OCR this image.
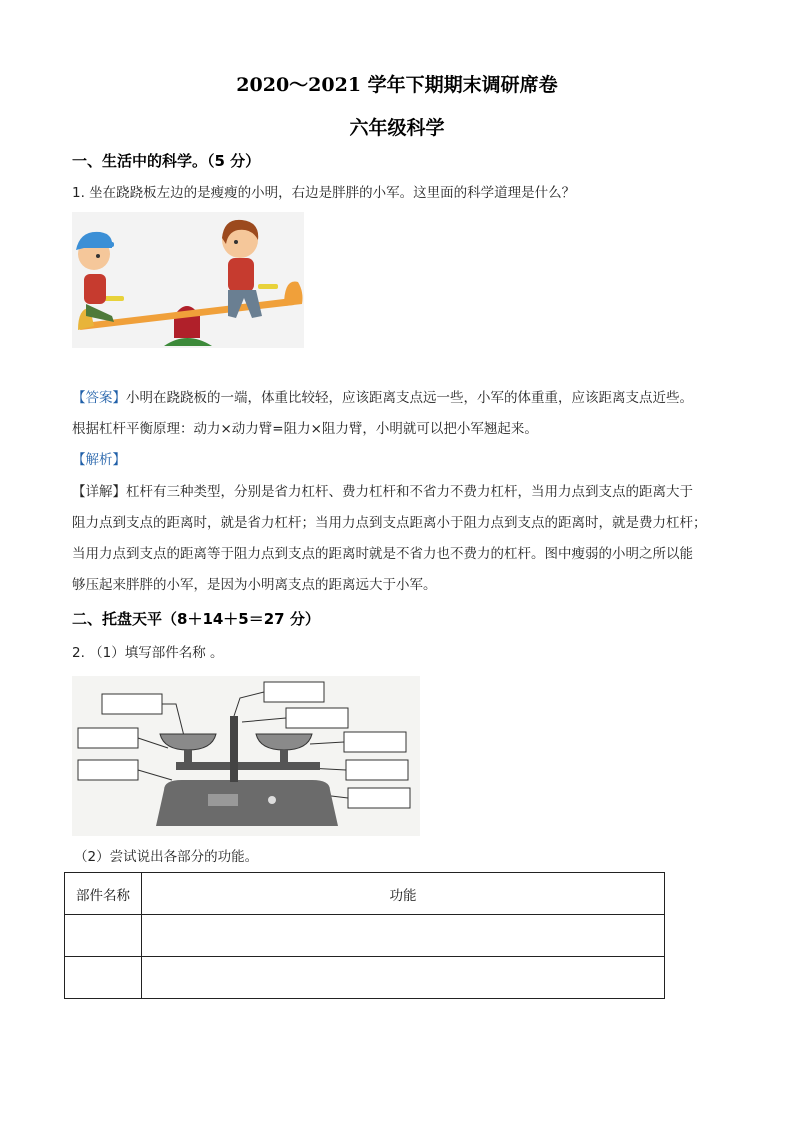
2020～2021 学年下期期末调研席卷
六年级科学
一、生活中的科学。（5 分）
1. 坐在跷跷板左边的是瘦瘦的小明，右边是胖胖的小军。这里面的科学道理是什么？
【答案】小明在跷跷板的一端，体重比较轻，应该距离支点远一些，小军的体重重，应该距离支点近些。
根据杠杆平衡原理：动力×动力臂=阻力×阻力臂，小明就可以把小军翘起来。
【解析】
【详解】杠杆有三种类型，分别是省力杠杆、费力杠杆和不省力不费力杠杆，当用力点到支点的距离大于
阻力点到支点的距离时，就是省力杠杆；当用力点到支点距离小于阻力点到支点的距离时，就是费力杠杆；
当用力点到支点的距离等于阻力点到支点的距离时就是不省力也不费力的杠杆。图中瘦弱的小明之所以能
够压起来胖胖的小军，是因为小明离支点的距离远大于小军。
二、托盘天平（8＋14＋5＝27 分）
2. （1）填写部件名称 。
（2）尝试说出各部分的功能。
部件名称	功能
